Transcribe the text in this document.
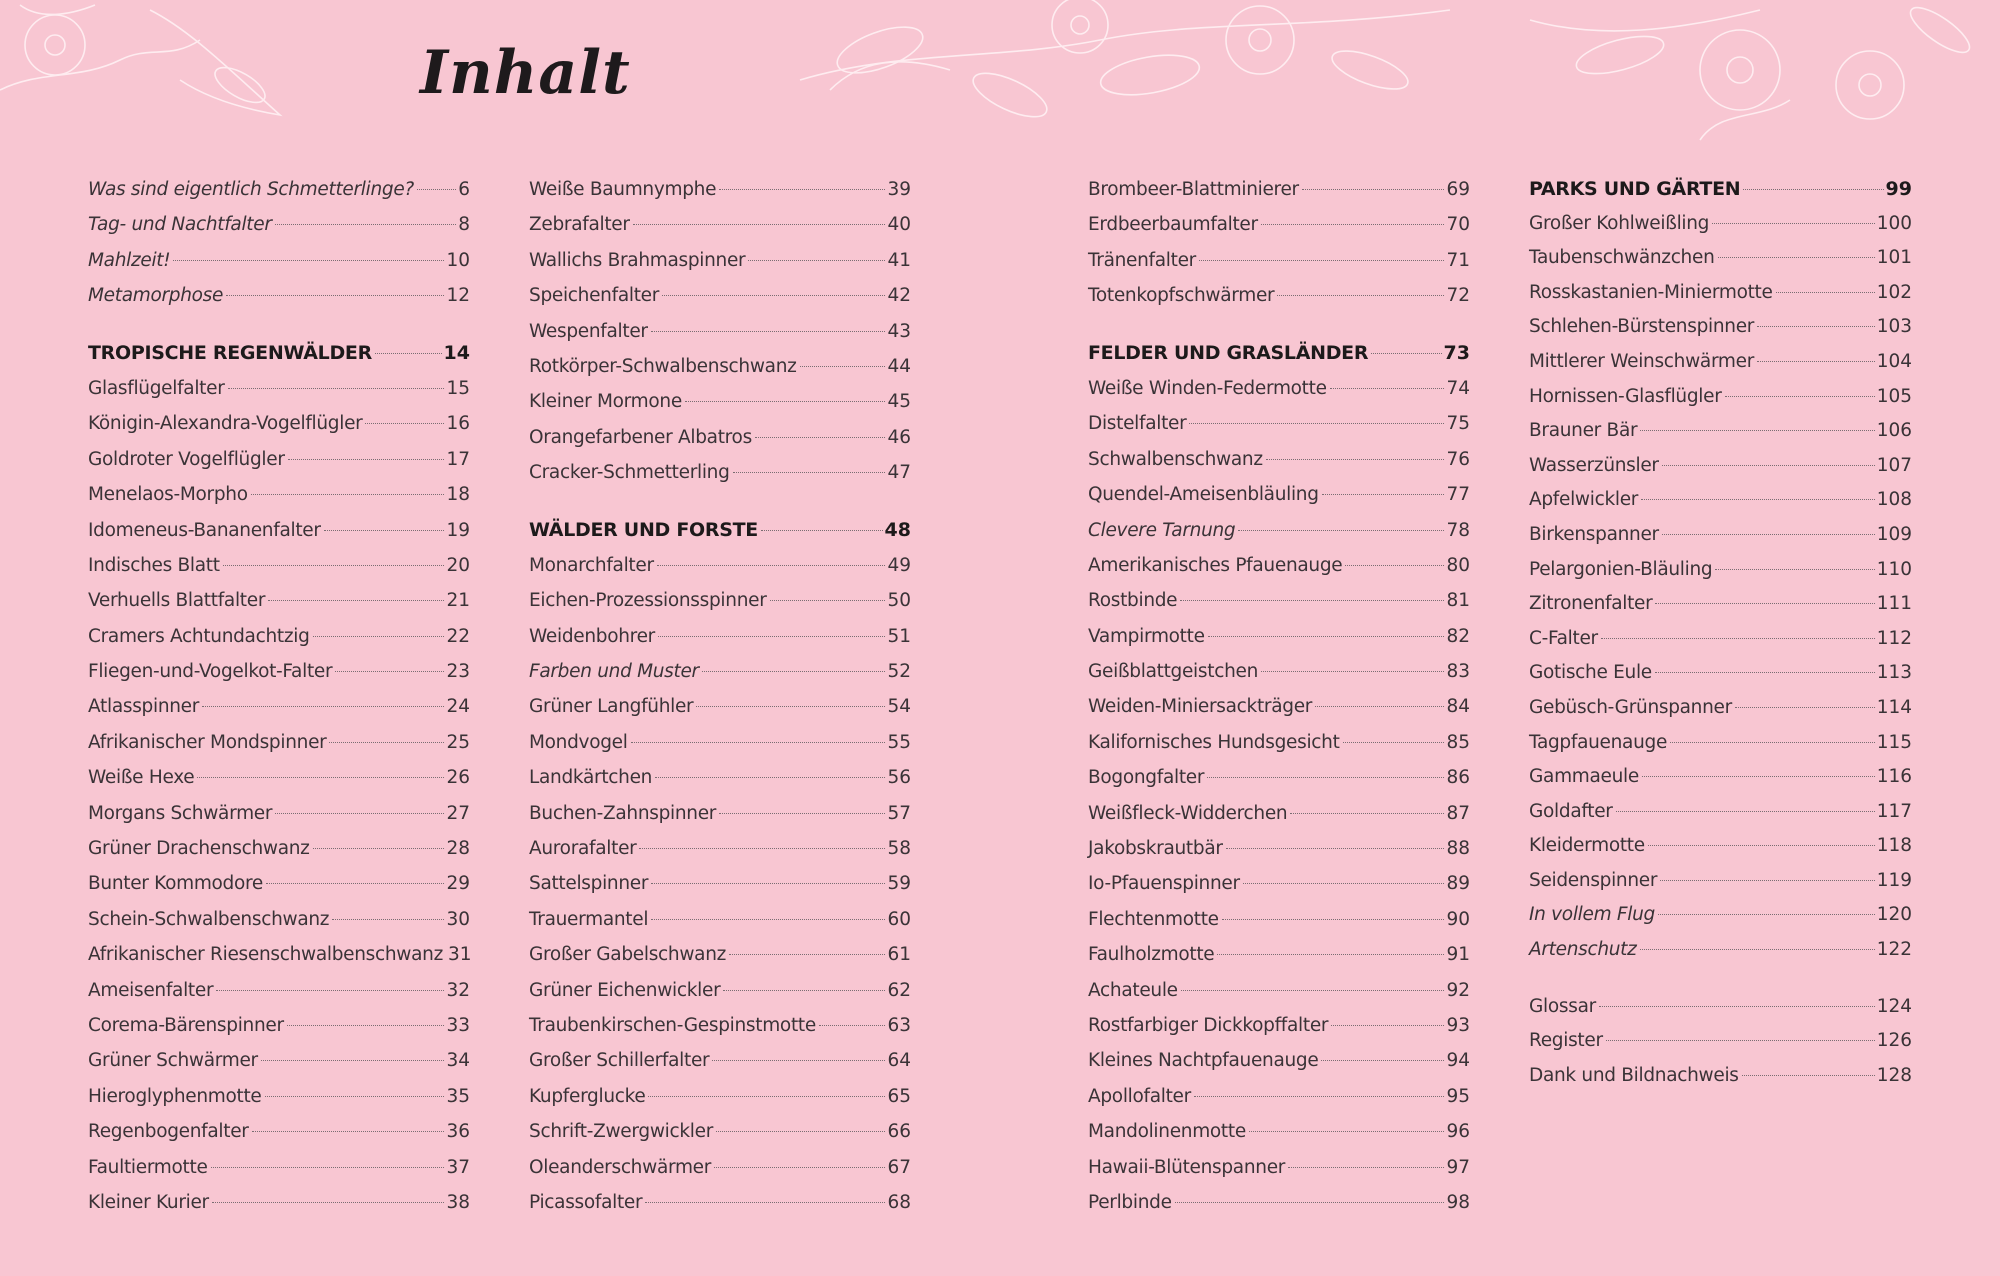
Inhalt
Was sind eigentlich Schmetterlinge? 6
Tag- und Nachtfalter	8
Mahlzeit!	10
Metamorphose	12
TROPISCHE REGENWÄLDER	14
Glasflügelfalter	15
Königin-Alexandra-Vogelflügler	16
Goldroter Vogelflügler	17
Menelaos-Morpho	18
Idomeneus-Bananenfalter	19
Indisches Blatt	20
Verhuells Blattfalter	21
Cramers Achtundachtzig	22
Fliegen-und-Vogelkot-Falter	23
Atlasspinner	24
Afrikanischer Mondspinner	25
Weiße Hexe	26
Morgans Schwärmer	27
Grüner Drachenschwanz	28
Bunter Kommodore	29
Schein-Schwalbenschwanz	30
Afrikanischer Riesenschwalbenschwanz 31
Ameisenfalter	32
Corema-Bärenspinner	33
Grüner Schwärmer	34
Hieroglyphenmotte	35
Regenbogenfalter	36
Faultiermotte	37
Kleiner Kurier	38
Weiße Baumnymphe	39
Zebrafalter	40
Wallichs Brahmaspinner	41
Speichenfalter	42
Wespenfalter	43
Rotkörper-Schwalbenschwanz	44
Kleiner Mormone	45
Orangefarbener Albatros	46
Cracker-Schmetterling	47
WÄLDER UND FORSTE	48
Monarchfalter	49
Eichen-Prozessionsspinner	50
Weidenbohrer	51
Farben und Muster	52
Grüner Langfühler	54
Mondvogel	55
Landkärtchen	56
Buchen-Zahnspinner	57
Aurorafalter	58
Sattelspinner	59
Trauermantel	60
Großer Gabelschwanz	61
Grüner Eichenwickler	62
Traubenkirschen-Gespinstmotte	63
Großer Schillerfalter	64
Kupferglucke	65
Schrift-Zwergwickler	66
Oleanderschwärmer	67
Picassofalter	68
Brombeer-Blattminierer	69
Erdbeerbaumfalter	70
Tränenfalter	71
Totenkopfschwärmer	72
FELDER UND GRASLÄNDER	73
Weiße Winden-Federmotte	74
Distelfalter	75
Schwalbenschwanz	76
Quendel-Ameisenbläuling	77
Clevere Tarnung	78
Amerikanisches Pfauenauge	80
Rostbinde	81
Vampirmotte	82
Geißblattgeistchen	83
Weiden-Miniersackträger	84
Kalifornisches Hundsgesicht	85
Bogongfalter	86
Weißfleck-Widderchen	87
Jakobskrautbär	88
Io-Pfauenspinner	89
Flechtenmotte	90
Faulholzmotte	91
Achateule	92
Rostfarbiger Dickkopffalter	93
Kleines Nachtpfauenauge	94
Apollofalter	95
Mandolinenmotte	96
Hawaii-Blütenspanner	97
Perlbinde	98
PARKS UND GÄRTEN	99
Großer Kohlweißling	100
Taubenschwänzchen	101
Rosskastanien-Miniermotte	102
Schlehen-Bürstenspinner	103
Mittlerer Weinschwärmer	104
Hornissen-Glasflügler	105
Brauner Bär	106
Wasserzünsler	107
Apfelwickler	108
Birkenspanner	109
Pelargonien-Bläuling	110
Zitronenfalter	111
C-Falter	112
Gotische Eule	113
Gebüsch-Grünspanner	114
Tagpfauenauge	115
Gammaeule	116
Goldafter	117
Kleidermotte	118
Seidenspinner	119
In vollem Flug	120
Artenschutz	122
Glossar	124
Register	126
Dank und Bildnachweis	128
